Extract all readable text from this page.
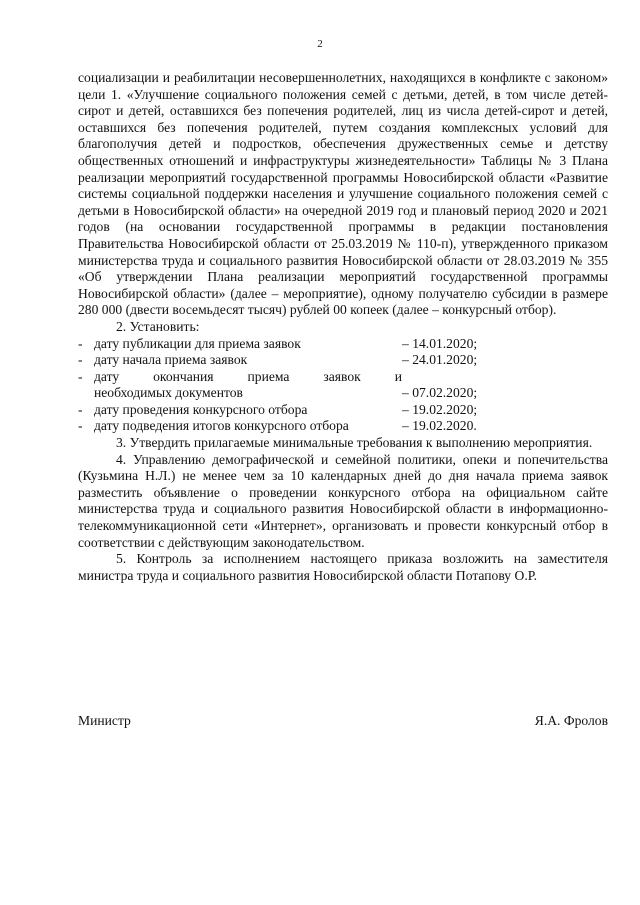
2

социализации и реабилитации несовершеннолетних, находящихся в конфликте с законом» цели 1. «Улучшение социального положения семей с детьми, детей, в том числе детей-сирот и детей, оставшихся без попечения родителей, лиц из числа детей-сирот и детей, оставшихся без попечения родителей, путем создания комплексных условий для благополучия детей и подростков, обеспечения дружественных семье и детству общественных отношений и инфраструктуры жизнедеятельности» Таблицы № 3 Плана реализации мероприятий государственной программы Новосибирской области «Развитие системы социальной поддержки населения и улучшение социального положения семей с детьми в Новосибирской области» на очередной 2019 год и плановый период 2020 и 2021 годов (на основании государственной программы в редакции постановления Правительства Новосибирской области от 25.03.2019 № 110-п), утвержденного приказом министерства труда и социального развития Новосибирской области от 28.03.2019 № 355 «Об утверждении Плана реализации мероприятий государственной программы Новосибирской области» (далее – мероприятие), одному получателю субсидии в размере 280 000 (двести восемьдесят тысяч) рублей 00 копеек (далее – конкурсный отбор).

2. Установить:

- дату публикации для приема заявок	– 14.01.2020;
- дату начала приема заявок	– 24.01.2020;
- дату окончания приема заявок и
необходимых документов	– 07.02.2020;
- дату проведения конкурсного отбора	– 19.02.2020;
- дату подведения итогов конкурсного отбора	– 19.02.2020.

3. Утвердить прилагаемые минимальные требования к выполнению мероприятия.

4. Управлению демографической и семейной политики, опеки и попечительства (Кузьмина Н.Л.) не менее чем за 10 календарных дней до дня начала приема заявок разместить объявление о проведении конкурсного отбора на официальном сайте министерства труда и социального развития Новосибирской области в информационно-телекоммуникационной сети «Интернет», организовать и провести конкурсный отбор в соответствии с действующим законодательством.

5. Контроль за исполнением настоящего приказа возложить на заместителя министра труда и социального развития Новосибирской области Потапову О.Р.

Министр	Я.А. Фролов
